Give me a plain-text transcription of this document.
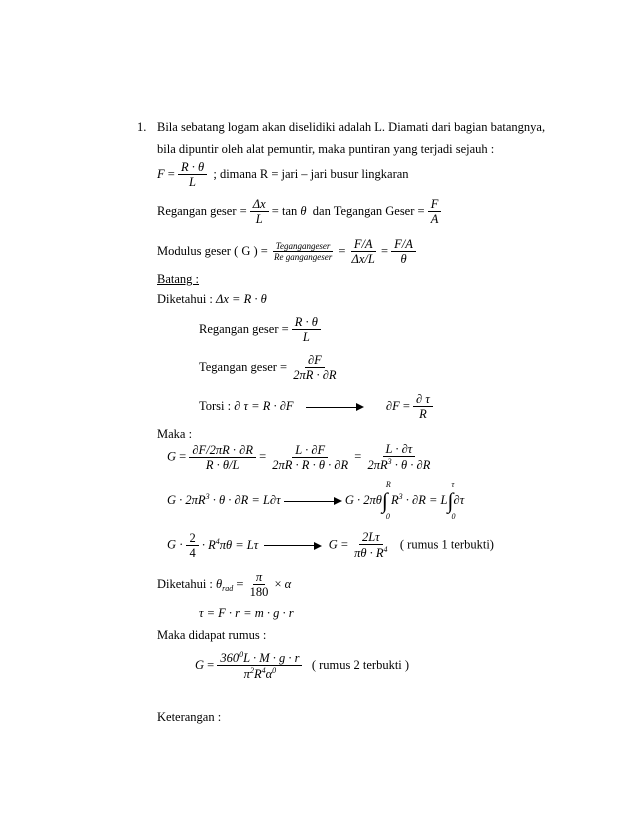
1. Bila sebatang logam akan diselidiki adalah L. Diamati dari bagian batangnya,
bila dipuntir oleh alat pemuntir, maka puntiran yang terjadi sejauh :
$F = \frac{R \cdot \theta}{L}$ ; dimana R = jari – jari busur lingkaran
Regangan geser = $\frac{\Delta x}{L} = \tan \theta$ dan Tegangan Geser = $\frac{F}{A}$
Modulus geser ( G ) = $\frac{\text{Tegangangeser}}{\text{Re gangangeser}} = \frac{F/A}{\Delta x/L} = \frac{F/A}{\theta}$
Batang :
Diketahui : Δx = R · θ
Regangan geser = $\frac{R \cdot \theta}{L}$
Tegangan geser = $\frac{\partial F}{2\pi R \cdot \partial R}$
Torsi : ∂ τ = R · ∂F	$\partial F = \frac{\partial \tau}{R}$
Maka :
$G = \frac{\partial F/2\pi R \cdot \partial R}{R \cdot \theta/L} = \frac{L \cdot \partial F}{2\pi R \cdot R \cdot \theta \cdot \partial R} = \frac{L \cdot \partial\tau}{2\pi R^3 \cdot \theta \cdot \partial R}$
$G \cdot 2\pi R^3 \cdot \theta \cdot \partial R = L\partial\tau$	G · 2πθ∫
R
0
$R^3 \cdot \partial R = L\int$
τ
0
∂τ
$G \cdot \frac{2}{4} \cdot R^4\pi\theta = L\tau$	$G = \frac{2L\tau}{\pi\theta \cdot R^4}$ ( rumus 1 terbukti)
Diketahui : $\theta_{rad} = \frac{\pi}{180} \times \alpha$
τ = F · r = m · g · r
Maka didapat rumus :
$G = \frac{360^0L \cdot M \cdot g \cdot r}{\pi^2R^4\alpha^0}$ ( rumus 2 terbukti )
Keterangan :
